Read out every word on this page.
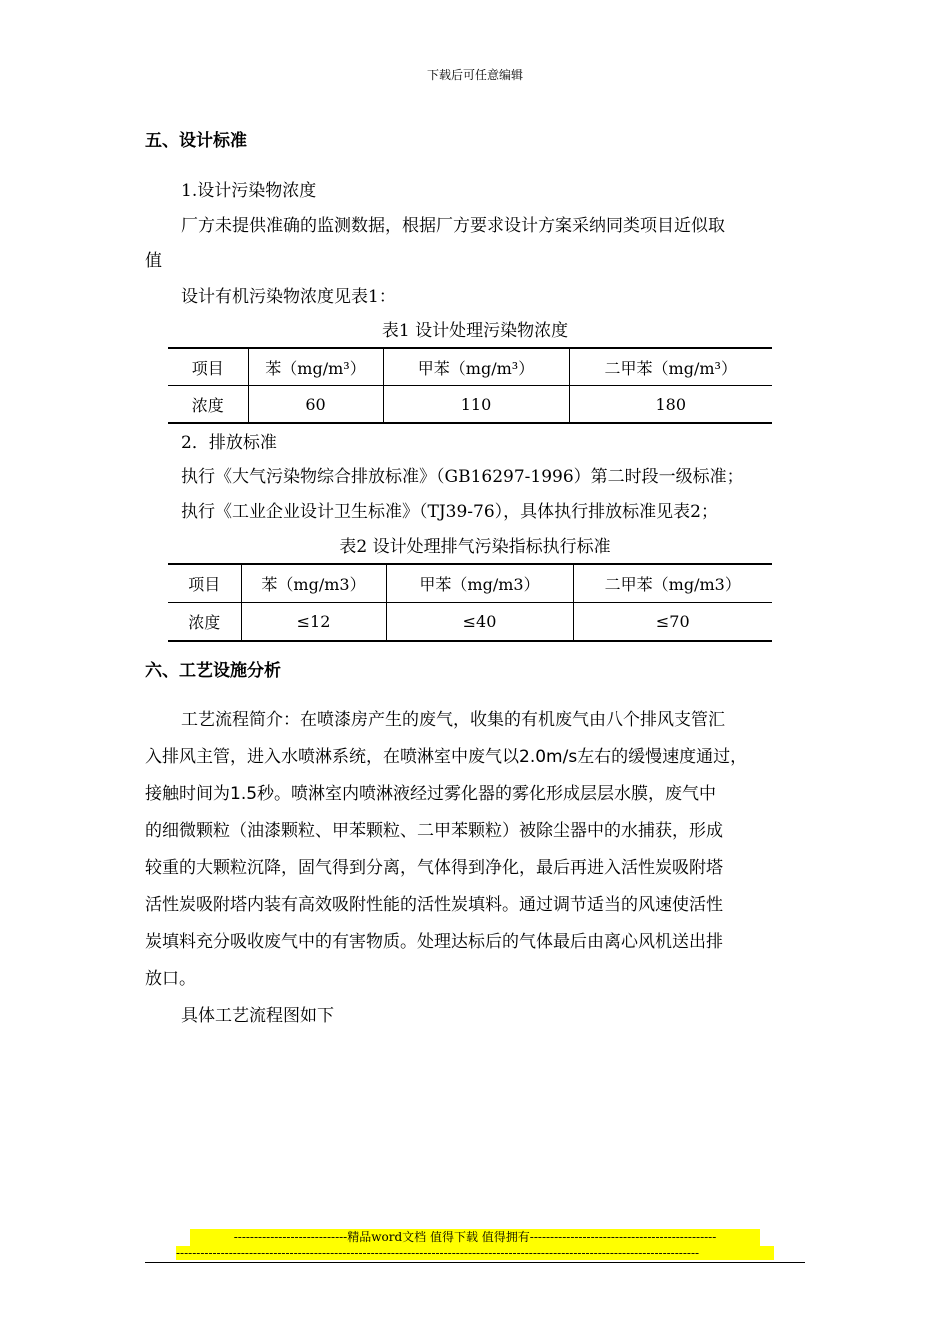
下载后可任意编辑
五、设计标准
1.设计污染物浓度
厂方未提供准确的监测数据，根据厂方要求设计方案采纳同类项目近似取
值
设计有机污染物浓度见表1：
表1 设计处理污染物浓度
项目	苯（mg/m³）	甲苯（mg/m³）	二甲苯（mg/m³）
浓度	60	110	180
2．排放标准
执行《大气污染物综合排放标准》（GB16297-1996）第二时段一级标准；
执行《工业企业设计卫生标准》（TJ39-76），具体执行排放标准见表2；
表2 设计处理排气污染指标执行标准
项目	苯（mg/m3）	甲苯（mg/m3）	二甲苯（mg/m3）
浓度	≤12	≤40	≤70
六、工艺设施分析
工艺流程简介：在喷漆房产生的废气，收集的有机废气由八个排风支管汇
入排风主管，进入水喷淋系统，在喷淋室中废气以2.0m/s左右的缓慢速度通过，
接触时间为1.5秒。喷淋室内喷淋液经过雾化器的雾化形成层层水膜，废气中
的细微颗粒（油漆颗粒、甲苯颗粒、二甲苯颗粒）被除尘器中的水捕获，形成
较重的大颗粒沉降，固气得到分离，气体得到净化，最后再进入活性炭吸附塔
活性炭吸附塔内装有高效吸附性能的活性炭填料。通过调节适当的风速使活性
炭填料充分吸收废气中的有害物质。处理达标后的气体最后由离心风机送出排
放口。
具体工艺流程图如下
----------------------------精品word文档 值得下载 值得拥有----------------------------------------------
---------------------------------------------------------------------------------------------------------------------------------
